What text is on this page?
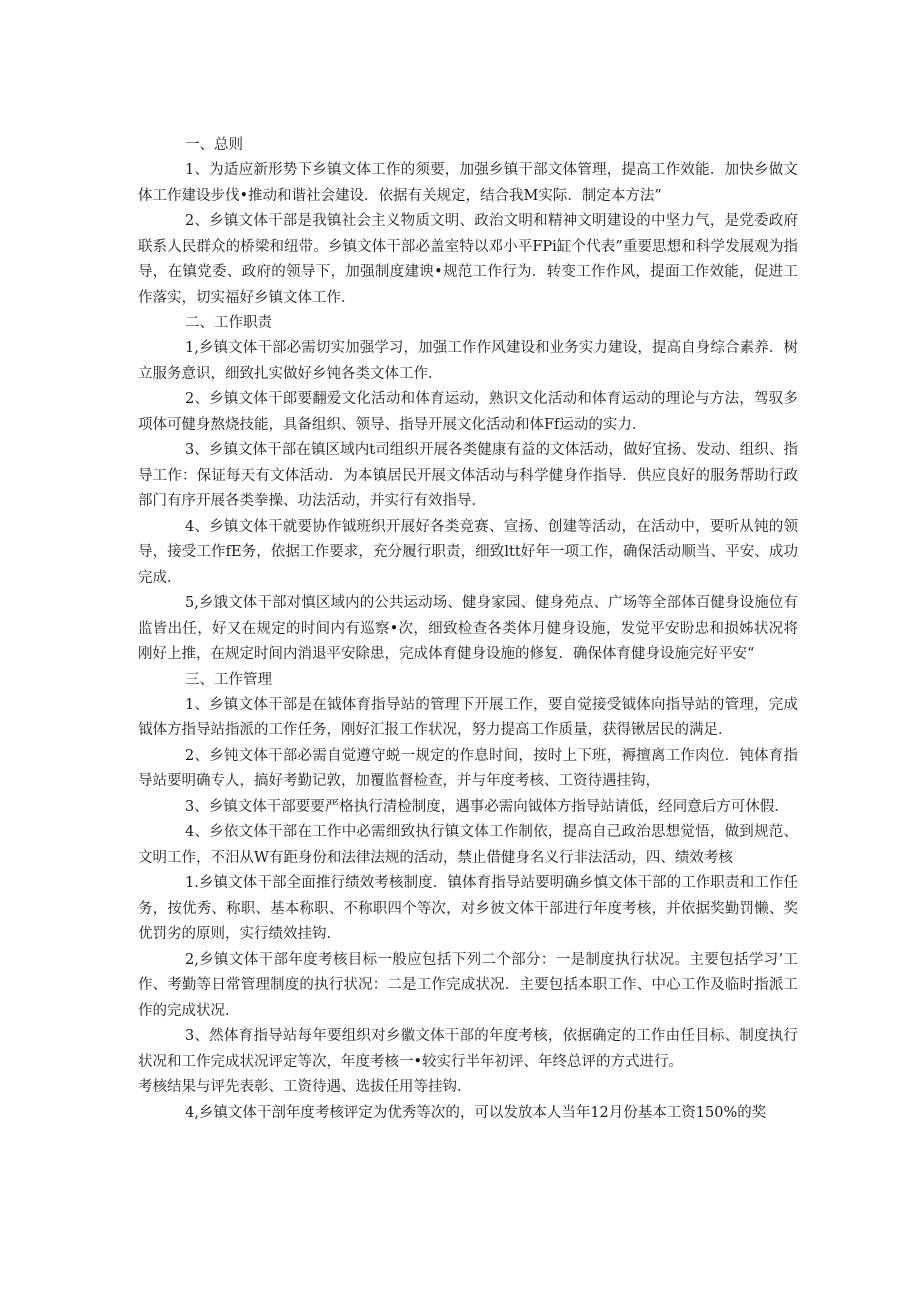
一、总则

1、为适应新形势下乡镇文体工作的须要，加强乡镇干部文体管理，提高工作效能．加快乡做文体工作建设步伐•推动和谐社会建设．依据有关规定，结合我M实际．制定本方法”

2、乡镇文体干部是我镇社会主义物质文明、政治文明和精神文明建设的中坚力气，是党委政府联系人民群众的桥梁和纽带。乡镇文体干部必盖室特以邓小平FPi缸个代表”重要思想和科学发展观为指导，在镇党委、政府的领导下，加强制度建谀•规范工作行为．转变工作作风，提面工作效能，促进工作落实，切实福好乡镇文体工作．

二、工作职责

1,乡镇文体干部必需切实加强学习，加强工作作风建设和业务实力建设，提高自身综合素养．树立服务意识，细致扎实做好乡钝各类文体工作．

2、乡镇文体干郎要翻爱文化活动和体育运动，熟识文化活动和体育运动的理论与方法，驾驭多项体可健身熬烧技能，具备组织、领导、指导开展文化活动和体Ff运动的实力．

3、乡镇文体干部在镇区域内t司组织开展各类健康有益的文体活动，做好宜扬、发动、组织、指导工作：保证每天有文体活动．为本镇居民开展文体活动与科学健身作指导．供应良好的服务帮助行政部门有序开展各类拳操、功法活动，并实行有效指导．

4、乡镇文体干就要协作钺班织开展好各类竞赛、宣扬、创建等活动，在活动中，要听从钝的领导，接受工作fE务，依据工作要求，充分履行职责，细致ltt好年一项工作，确保活动顺当、平安、成功完成．

5,乡饿文体干部对慎区域内的公共运动场、健身家园、健身苑点、广场等全部体百健身设施位有监皆出任，好又在规定的时间内有巡察•次，细致检查各类体月健身设施，发觉平安盼忠和损姊状况将刚好上推，在规定时间内消退平安除患，完成体育健身设施的修复．确保体育健身设施完好平安“

三、工作管理

1、乡镇文体干部是在钺体育指导站的管理下开展工作，要自觉接受钺体向指导站的管理，完成钺体方指导站指派的工作任务，刚好汇报工作状况，努力提高工作质量，获得锹居民的满足．

2、乡钝文体干部必需自觉遵守蜕一规定的作息时间，按时上下班，褥擅离工作肉位．钝体育指导站要明确专人，搞好考勤记敦，加覆监督检查，并与年度考核、工资待遇挂钩，

3、乡镇文体干部要要严格执行清检制度，遇事必需向钺体方指导站请低，经同意后方可休假．

4、乡依文体干部在工作中必需细致执行镇文体工作制依，提高自己政治思想觉悟，做到规范、文明工作，不汨从W有距身份和法律法规的活动，禁止借健身名义行非法活动，四、绩效考核

1.乡镇文体干部全面推行绩效考核制度．镇体育指导站要明确乡慎文体干部的工作职责和工作任务，按优秀、称职、基本称职、不称职四个等次，对乡彼文体干部进行年度考核，并依据奖勤罚懒、奖优罚劣的原则，实行绩效挂钩．

2,乡镇文体干部年度考核目标一般应包括下列二个部分：一是制度执行状况。主要包括学习’工作、考勤等日常管理制度的执行状况：二是工作完成状况．主要包括本职工作、中心工作及临时指派工作的完成状况．

3、然体育指导站每年要组织对乡徽文体干部的年度考核，依据确定的工作由任目标、制度执行状况和工作完成状况评定等次，年度考核一•较实行半年初评、年终总评的方式进行。

考核结果与评先表彰、工资待遇、选拔任用等挂钩．

4,乡镇文体干剖年度考核评定为优秀等次的，可以发放本人当年12月份基本工资150%的奖
